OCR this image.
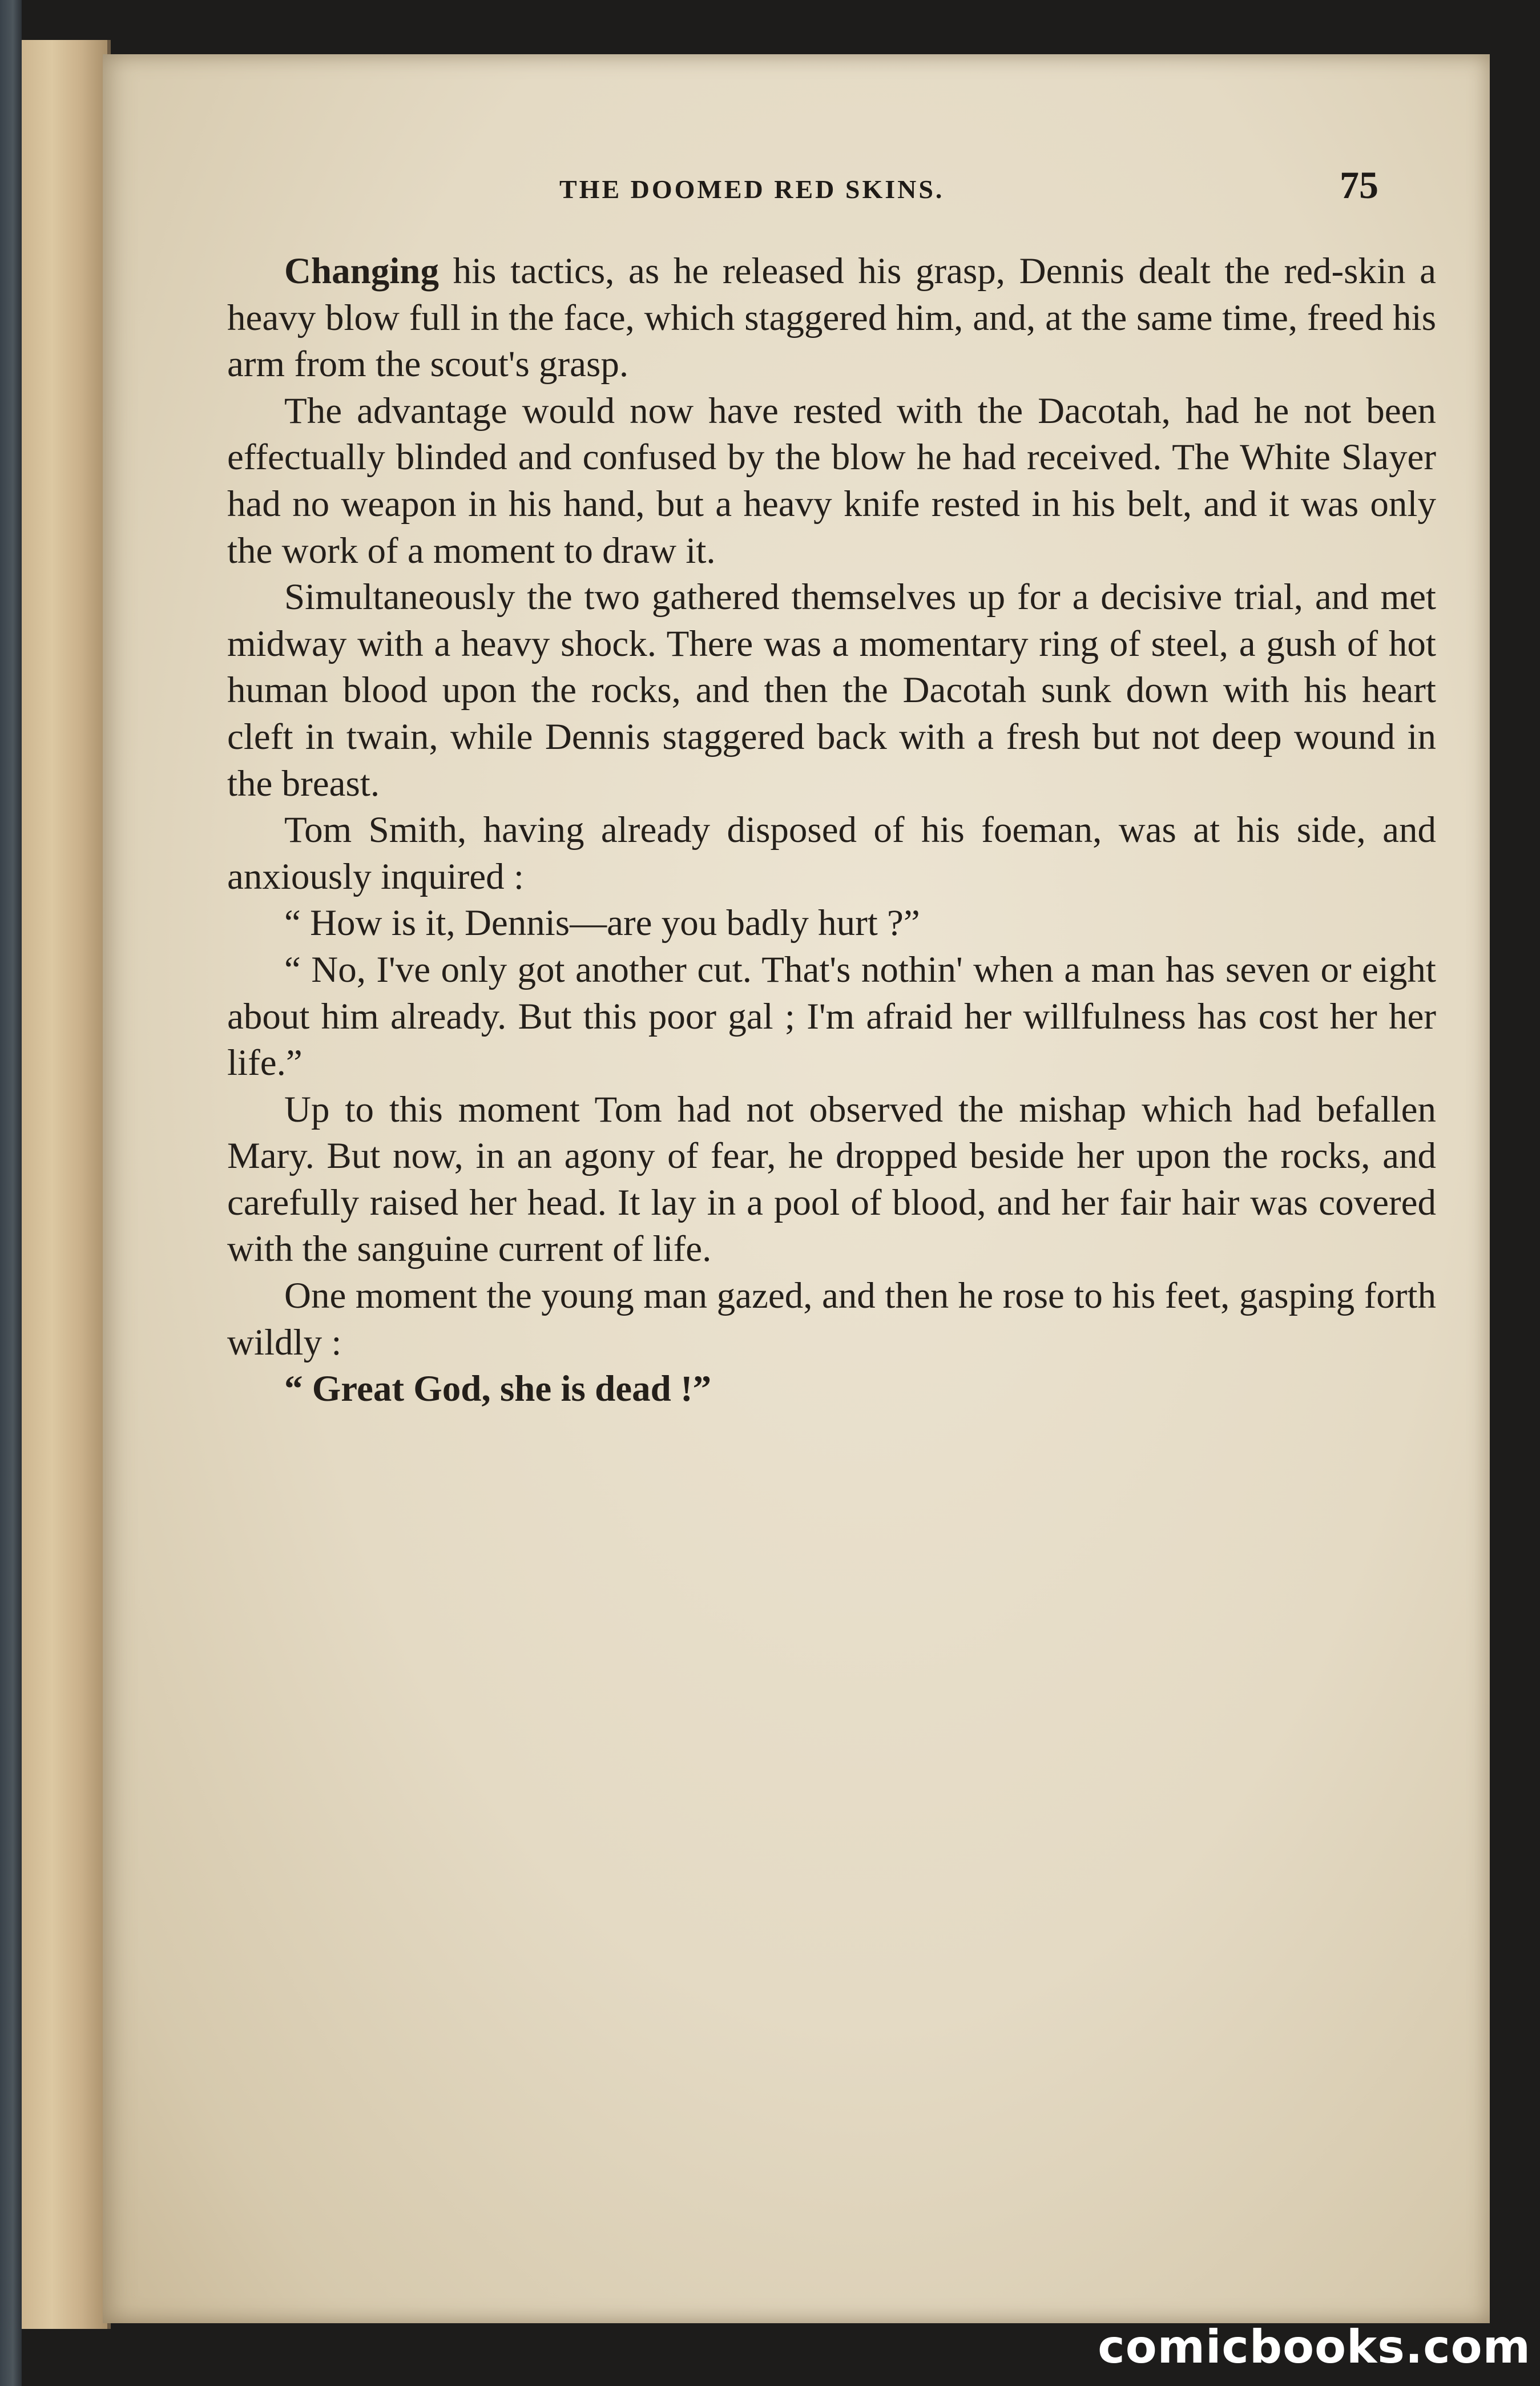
THE DOOMED RED SKINS.	75

Changing his tactics, as he released his grasp, Dennis dealt the red-skin a heavy blow full in the face, which staggered him, and, at the same time, freed his arm from the scout's grasp.

The advantage would now have rested with the Dacotah, had he not been effectually blinded and confused by the blow he had received. The White Slayer had no weapon in his hand, but a heavy knife rested in his belt, and it was only the work of a moment to draw it.

Simultaneously the two gathered themselves up for a decisive trial, and met midway with a heavy shock. There was a momentary ring of steel, a gush of hot human blood upon the rocks, and then the Dacotah sunk down with his heart cleft in twain, while Dennis staggered back with a fresh but not deep wound in the breast.

Tom Smith, having already disposed of his foeman, was at his side, and anxiously inquired :

“ How is it, Dennis—are you badly hurt ?”

“ No, I've only got another cut. That's nothin' when a man has seven or eight about him already. But this poor gal ; I'm afraid her willfulness has cost her her life.”

Up to this moment Tom had not observed the mishap which had befallen Mary. But now, in an agony of fear, he dropped beside her upon the rocks, and carefully raised her head. It lay in a pool of blood, and her fair hair was covered with the sanguine current of life.

One moment the young man gazed, and then he rose to his feet, gasping forth wildly :

“ Great God, she is dead !”

comicbooks.com
